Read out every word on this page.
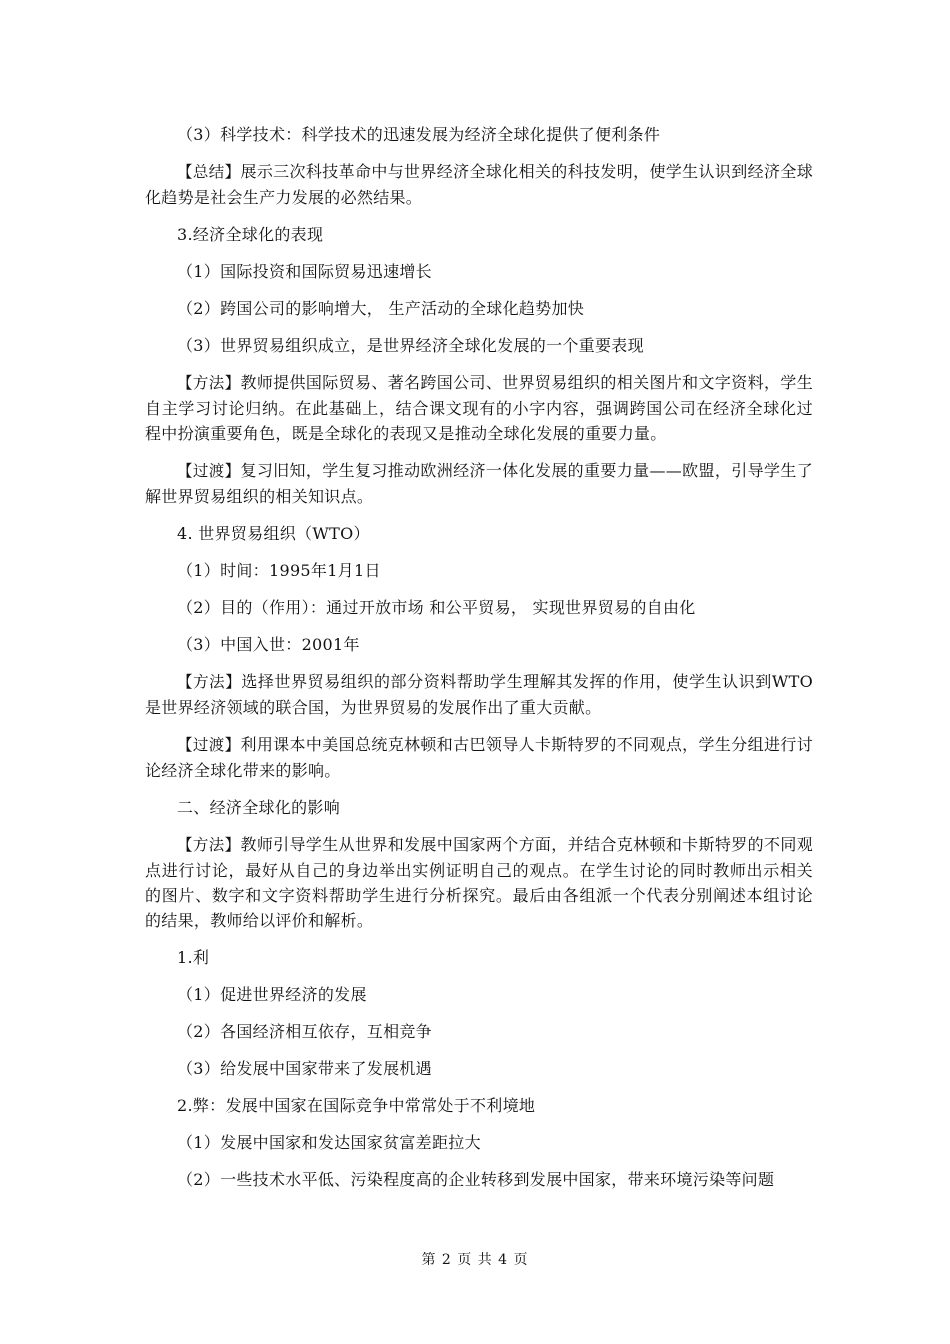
（3）科学技术：科学技术的迅速发展为经济全球化提供了便利条件

【总结】展示三次科技革命中与世界经济全球化相关的科技发明，使学生认识到经济全球化趋势是社会生产力发展的必然结果。

3.经济全球化的表现

（1）国际投资和国际贸易迅速增长

（2）跨国公司的影响增大， 生产活动的全球化趋势加快

（3）世界贸易组织成立，是世界经济全球化发展的一个重要表现

【方法】教师提供国际贸易、著名跨国公司、世界贸易组织的相关图片和文字资料，学生自主学习讨论归纳。在此基础上，结合课文现有的小字内容，强调跨国公司在经济全球化过程中扮演重要角色，既是全球化的表现又是推动全球化发展的重要力量。

【过渡】复习旧知，学生复习推动欧洲经济一体化发展的重要力量——欧盟，引导学生了解世界贸易组织的相关知识点。

4. 世界贸易组织（WTO）

（1）时间：1995年1月1日

（2）目的（作用）：通过开放市场 和公平贸易， 实现世界贸易的自由化

（3）中国入世：2001年

【方法】选择世界贸易组织的部分资料帮助学生理解其发挥的作用，使学生认识到WTO是世界经济领域的联合国，为世界贸易的发展作出了重大贡献。

【过渡】利用课本中美国总统克林顿和古巴领导人卡斯特罗的不同观点，学生分组进行讨论经济全球化带来的影响。

二、经济全球化的影响

【方法】教师引导学生从世界和发展中国家两个方面，并结合克林顿和卡斯特罗的不同观点进行讨论，最好从自己的身边举出实例证明自己的观点。在学生讨论的同时教师出示相关的图片、数字和文字资料帮助学生进行分析探究。最后由各组派一个代表分别阐述本组讨论的结果，教师给以评价和解析。

1.利

（1）促进世界经济的发展

（2）各国经济相互依存，互相竞争

（3）给发展中国家带来了发展机遇

2.弊：发展中国家在国际竞争中常常处于不利境地

（1）发展中国家和发达国家贫富差距拉大

（2）一些技术水平低、污染程度高的企业转移到发展中国家，带来环境污染等问题

第 2 页 共 4 页
